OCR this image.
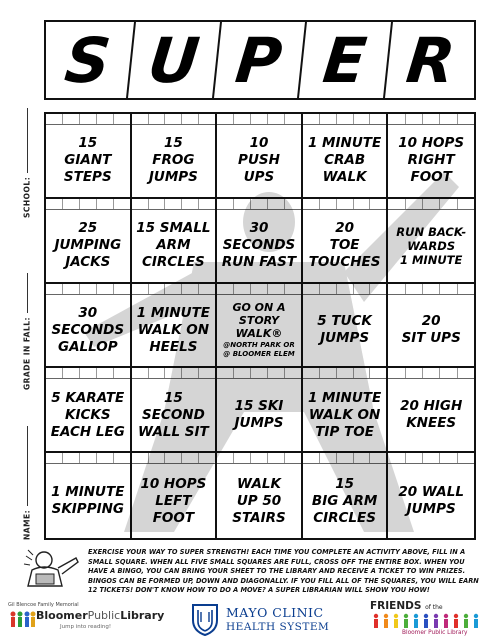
SCHOOL:
GRADE IN FALL:
NAME:
S U P E R
15
GIANT
STEPS
15
FROG
JUMPS
10
PUSH
UPS
1 MINUTE
CRAB
WALK
10 HOPS
RIGHT
FOOT
25
JUMPING
JACKS
15 SMALL
ARM
CIRCLES
30
SECONDS
RUN FAST
20
TOE
TOUCHES
RUN BACK-
WARDS
1 MINUTE
30
SECONDS
GALLOP
1 MINUTE
WALK ON
HEELS
GO ON A
STORY
WALK®
@NORTH PARK OR
@ BLOOMER ELEM
5 TUCK
JUMPS
20
SIT UPS
5 KARATE
KICKS
EACH LEG
15
SECOND
WALL SIT
15 SKI
JUMPS
1 MINUTE
WALK ON
TIP TOE
20 HIGH
KNEES
1 MINUTE
SKIPPING
10 HOPS
LEFT
FOOT
WALK
UP 50
STAIRS
15
BIG ARM
CIRCLES
20 WALL
JUMPS
EXERCISE YOUR WAY TO SUPER STRENGTH! EACH TIME YOU COMPLETE AN ACTIVITY ABOVE, FILL IN A SMALL SQUARE. WHEN ALL FIVE SMALL SQUARES ARE FULL, CROSS OFF THE ENTIRE BOX. WHEN YOU HAVE A BINGO, YOU CAN BRING YOUR SHEET TO THE LIBRARY AND RECEIVE A TICKET TO WIN PRIZES. BINGOS CAN BE FORMED UP, DOWN AND DIAGONALLY. IF YOU FILL ALL OF THE SQUARES, YOU WILL EARN 12 TICKETS! DON'T KNOW HOW TO DO A MOVE? A SUPER LIBRARIAN WILL SHOW YOU HOW!
Gil Blencoe Family Memorial
BloomerPublicLibrary
Jump into reading!
MAYO CLINIC
HEALTH SYSTEM
FRIENDS of the
Bloomer Public Library
